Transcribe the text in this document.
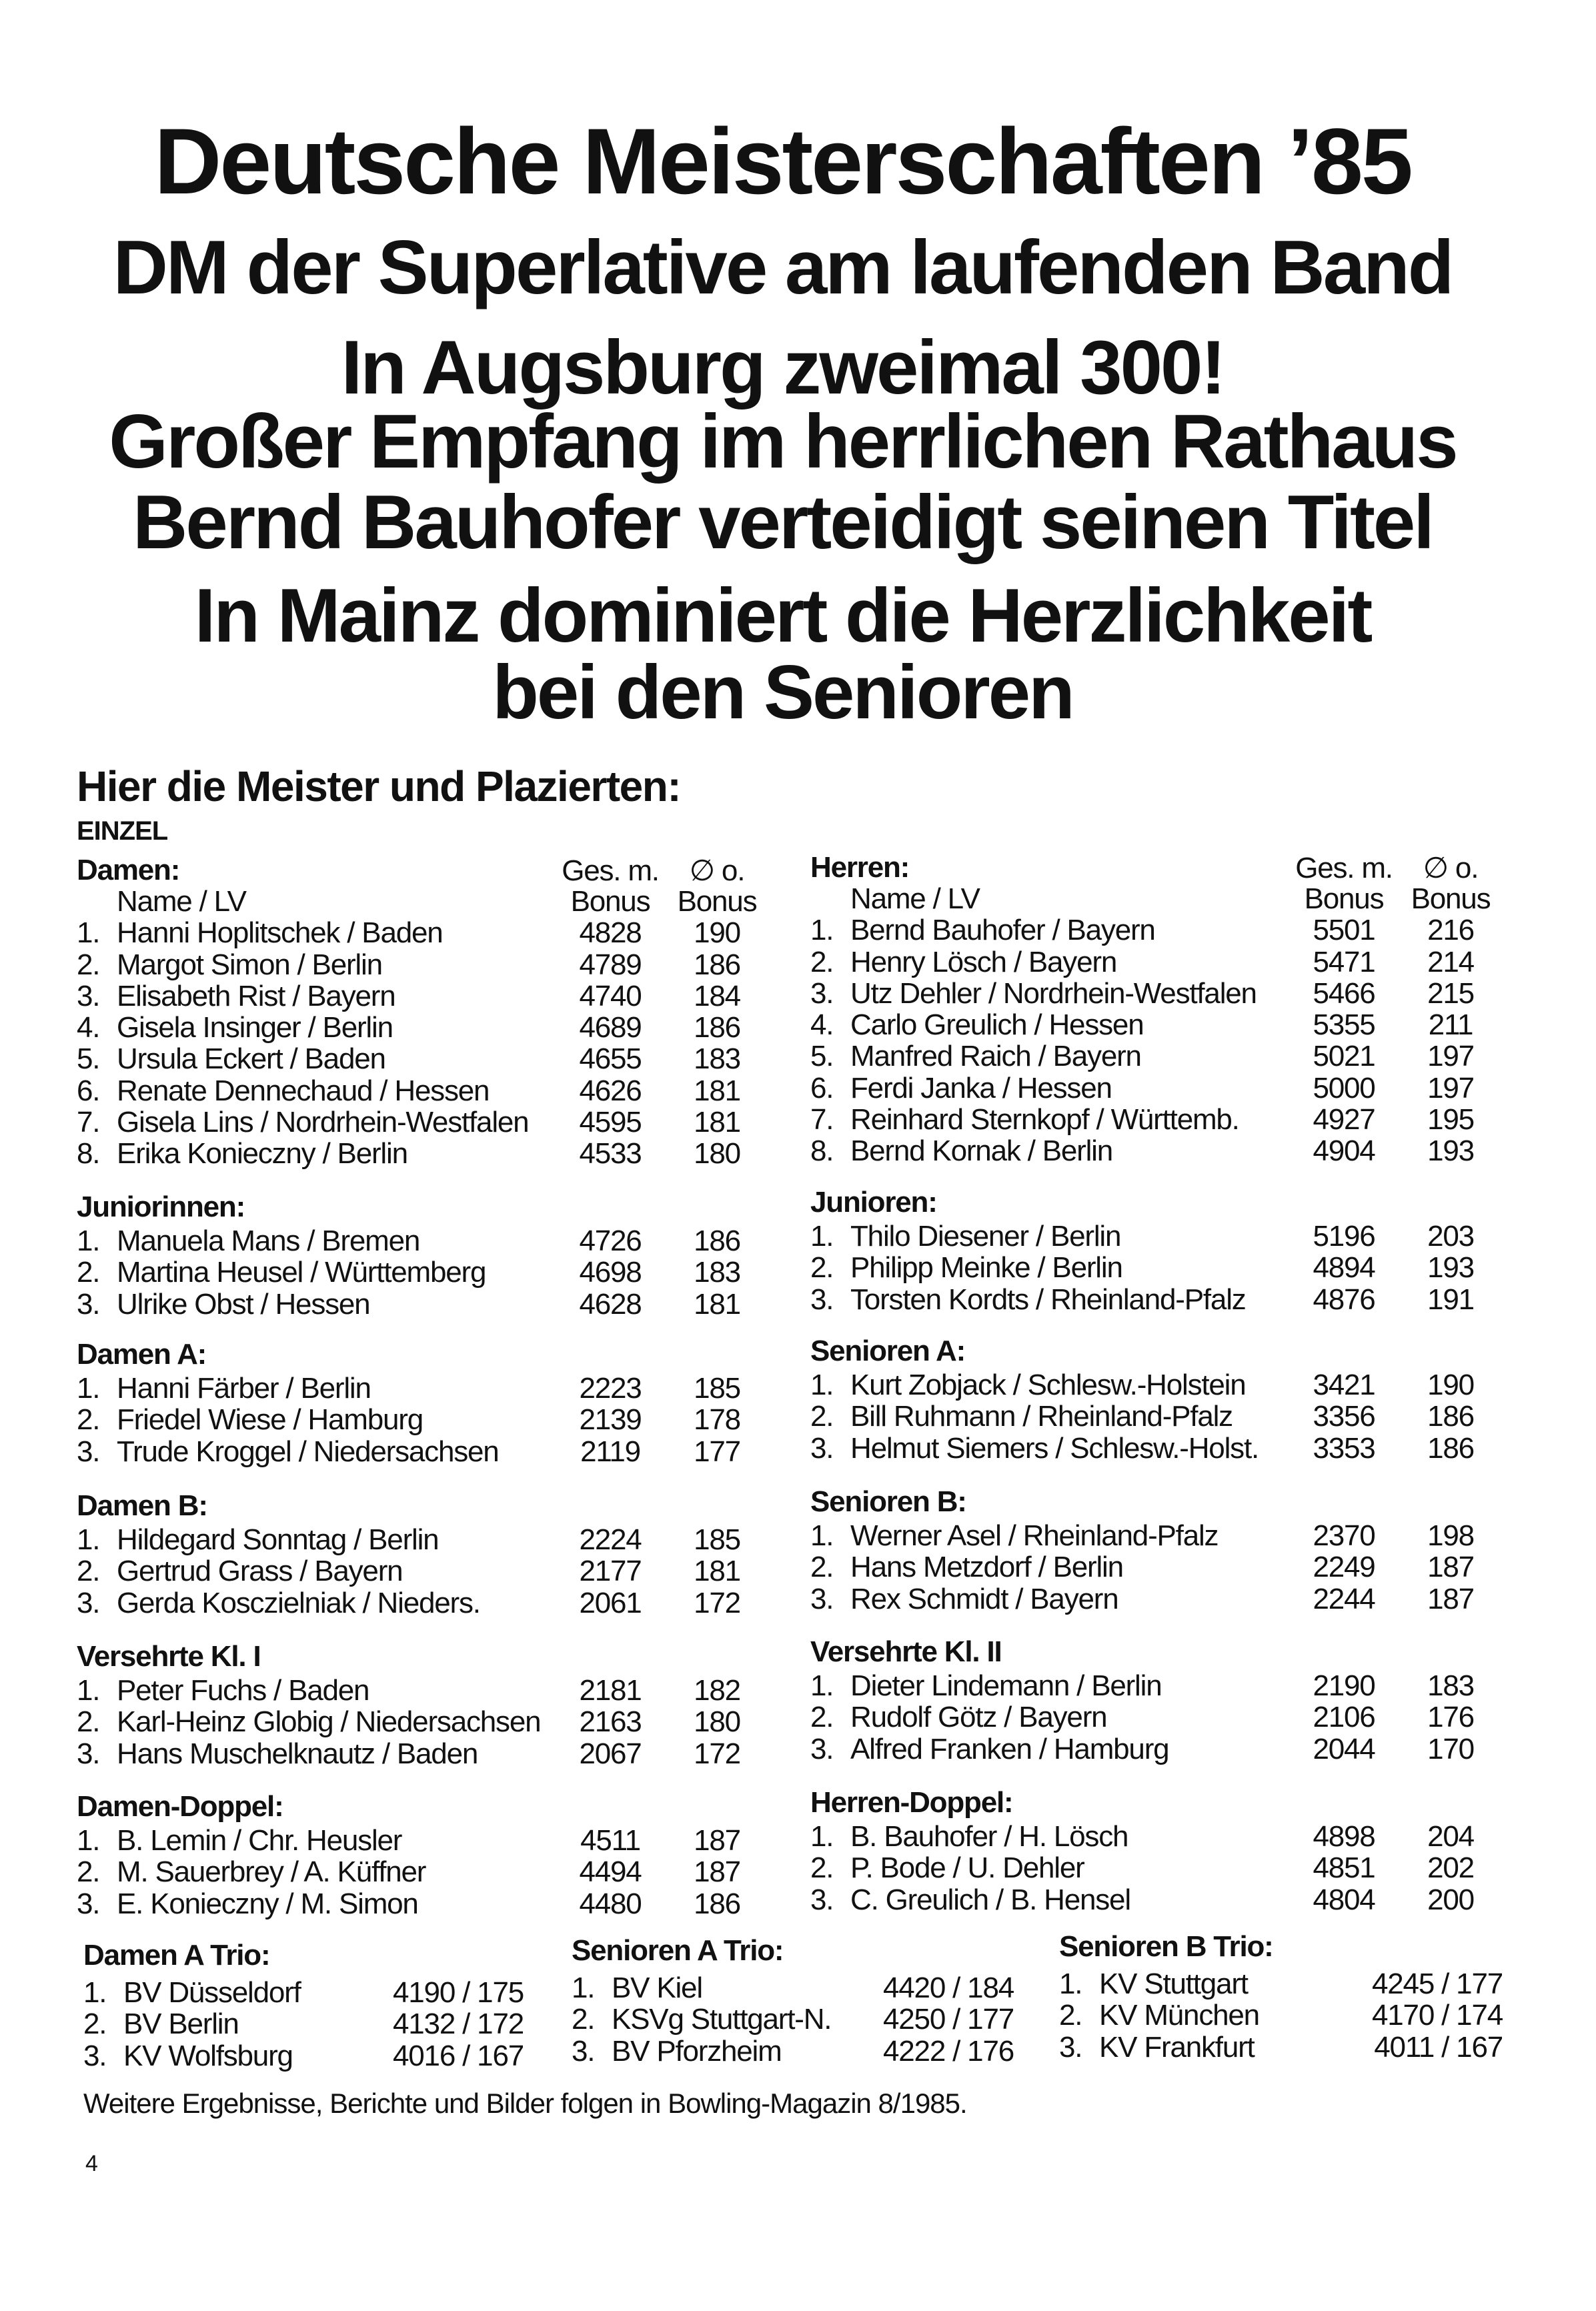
Deutsche Meisterschaften ’85
DM der Superlative am laufenden Band
In Augsburg zweimal 300!
Großer Empfang im herrlichen Rathaus
Bernd Bauhofer verteidigt seinen Titel
In Mainz dominiert die Herzlichkeit
bei den Senioren
Hier die Meister und Plazierten:
EINZEL
Damen:
Name / LV
Ges. m.	∅ o.
Bonus Bonus
1. Hanni Hoplitschek / Baden	4828 190
2. Margot Simon / Berlin	4789 186
3. Elisabeth Rist / Bayern	4740 184
4. Gisela Insinger / Berlin	4689 186
5. Ursula Eckert / Baden	4655 183
6. Renate Dennechaud / Hessen	4626 181
7. Gisela Lins / Nordrhein-Westfalen 4595 181
8. Erika Konieczny / Berlin	4533 180
Juniorinnen:
1. Manuela Mans / Bremen	4726 186
2. Martina Heusel / Württemberg	4698 183
3. Ulrike Obst / Hessen	4628 181
Damen A:
1. Hanni Färber / Berlin	2223 185
2. Friedel Wiese / Hamburg	2139 178
3. Trude Kroggel / Niedersachsen	2119 177
Damen B:
1. Hildegard Sonntag / Berlin	2224 185
2. Gertrud Grass / Bayern	2177 181
3. Gerda Kosczielniak / Nieders.	2061 172
Versehrte Kl. I
1. Peter Fuchs / Baden	2181 182
2. Karl-Heinz Globig / Niedersachsen 2163 180
3. Hans Muschelknautz / Baden	2067 172
Damen-Doppel:
1. B. Lemin / Chr. Heusler	4511 187
2. M. Sauerbrey / A. Küffner	4494 187
3. E. Konieczny / M. Simon	4480 186
Herren:
Name / LV
Ges. m.	∅ o.
Bonus Bonus
1. Bernd Bauhofer / Bayern	5501 216
2. Henry Lösch / Bayern	5471 214
3. Utz Dehler / Nordrhein-Westfalen 5466 215
4. Carlo Greulich / Hessen	5355 211
5. Manfred Raich / Bayern	5021 197
6. Ferdi Janka / Hessen	5000 197
7. Reinhard Sternkopf / Württemb.	4927 195
8. Bernd Kornak / Berlin	4904 193
Junioren:
1. Thilo Diesener / Berlin	5196 203
2. Philipp Meinke / Berlin	4894 193
3. Torsten Kordts / Rheinland-Pfalz 4876 191
Senioren A:
1. Kurt Zobjack / Schlesw.-Holstein 3421 190
2. Bill Ruhmann / Rheinland-Pfalz	3356 186
3. Helmut Siemers / Schlesw.-Holst. 3353 186
Senioren B:
1. Werner Asel / Rheinland-Pfalz	2370 198
2. Hans Metzdorf / Berlin	2249 187
3. Rex Schmidt / Bayern	2244 187
Versehrte Kl. II
1. Dieter Lindemann / Berlin	2190 183
2. Rudolf Götz / Bayern	2106 176
3. Alfred Franken / Hamburg	2044 170
Herren-Doppel:
1. B. Bauhofer / H. Lösch	4898 204
2. P. Bode / U. Dehler	4851 202
3. C. Greulich / B. Hensel	4804 200
Damen A Trio:
1. BV Düsseldorf	4190 / 175
2. BV Berlin	4132 / 172
3. KV Wolfsburg	4016 / 167
Senioren A Trio:
1. BV Kiel	4420 / 184
2. KSVg Stuttgart-N. 4250 / 177
3. BV Pforzheim	4222 / 176
Senioren B Trio:
1. KV Stuttgart	4245 / 177
2. KV München	4170 / 174
3. KV Frankfurt	4011 / 167
Weitere Ergebnisse, Berichte und Bilder folgen in Bowling-Magazin 8/1985.
4
